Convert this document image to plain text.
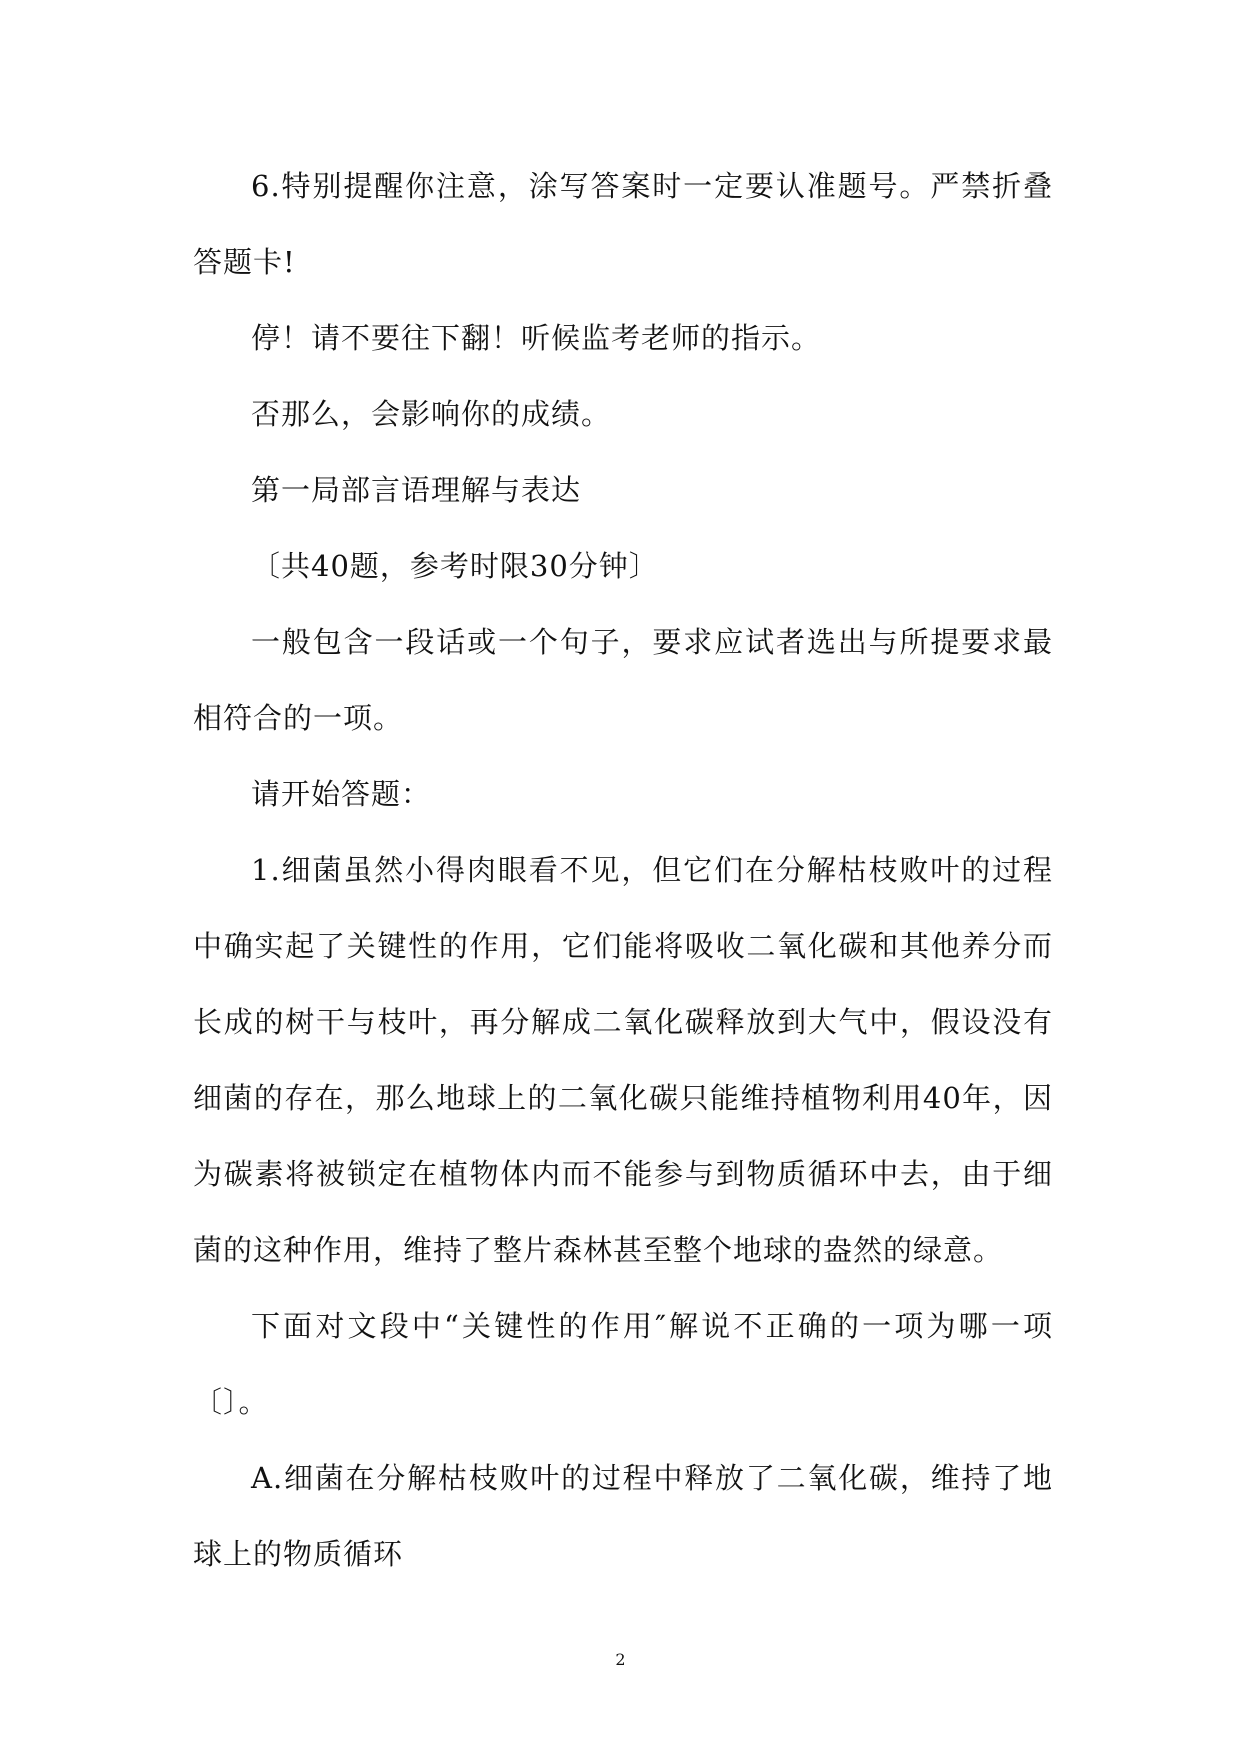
6.特别提醒你注意，涂写答案时一定要认准题号。严禁折叠答题卡!

停！请不要往下翻！听候监考老师的指示。

否那么，会影响你的成绩。

第一局部言语理解与表达

〔共40题，参考时限30分钟〕

一般包含一段话或一个句子，要求应试者选出与所提要求最相符合的一项。

请开始答题：

1.细菌虽然小得肉眼看不见，但它们在分解枯枝败叶的过程中确实起了关键性的作用，它们能将吸收二氧化碳和其他养分而长成的树干与枝叶，再分解成二氧化碳释放到大气中，假设没有细菌的存在，那么地球上的二氧化碳只能维持植物利用40年，因为碳素将被锁定在植物体内而不能参与到物质循环中去，由于细菌的这种作用，维持了整片森林甚至整个地球的盎然的绿意。

下面对文段中“关键性的作用″解说不正确的一项为哪一项〔〕。

A.细菌在分解枯枝败叶的过程中释放了二氧化碳，维持了地球上的物质循环

2
